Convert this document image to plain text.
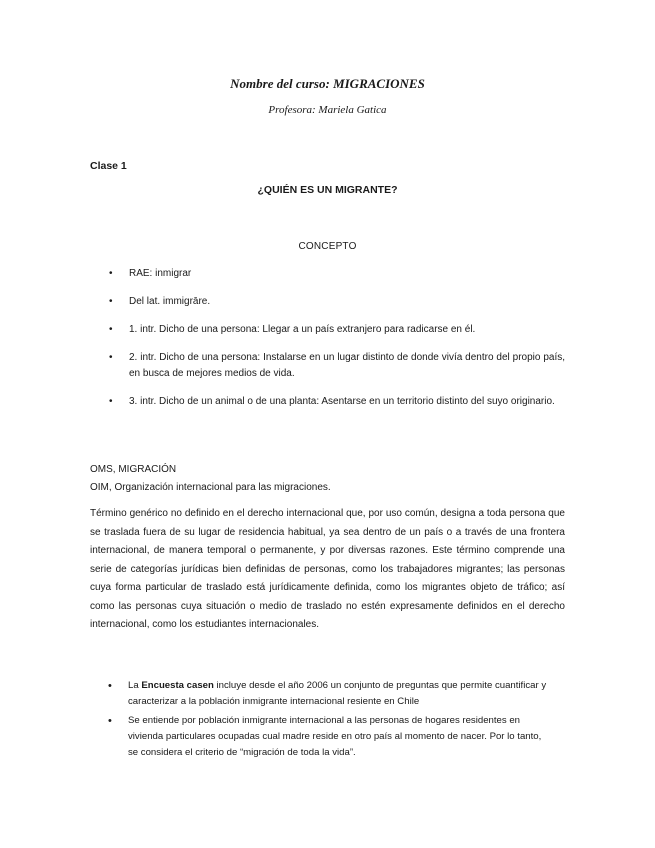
Nombre del curso: MIGRACIONES
Profesora: Mariela Gatica
Clase 1
¿QUIÉN ES UN MIGRANTE?
CONCEPTO
• RAE: inmigrar
• Del lat. immigrāre.
• 1. intr. Dicho de una persona: Llegar a un país extranjero para radicarse en él.
• 2. intr. Dicho de una persona: Instalarse en un lugar distinto de donde vivía dentro del propio país, en busca de mejores medios de vida.
• 3. intr. Dicho de un animal o de una planta: Asentarse en un territorio distinto del suyo originario.
OMS, MIGRACIÓN
OIM, Organización internacional para las migraciones.

Término genérico no definido en el derecho internacional que, por uso común, designa a toda persona que se traslada fuera de su lugar de residencia habitual, ya sea dentro de un país o a través de una frontera internacional, de manera temporal o permanente, y por diversas razones. Este término comprende una serie de categorías jurídicas bien definidas de personas, como los trabajadores migrantes; las personas cuya forma particular de traslado está jurídicamente definida, como los migrantes objeto de tráfico; así como las personas cuya situación o medio de traslado no estén expresamente definidos en el derecho internacional, como los estudiantes internacionales.

• La Encuesta casen incluye desde el año 2006 un conjunto de preguntas que permite cuantificar y caracterizar a la población inmigrante internacional resiente en Chile
• Se entiende por población inmigrante internacional a las personas de hogares residentes en vivienda particulares ocupadas cual madre reside en otro país al momento de nacer. Por lo tanto, se considera el criterio de “migración de toda la vida”.
